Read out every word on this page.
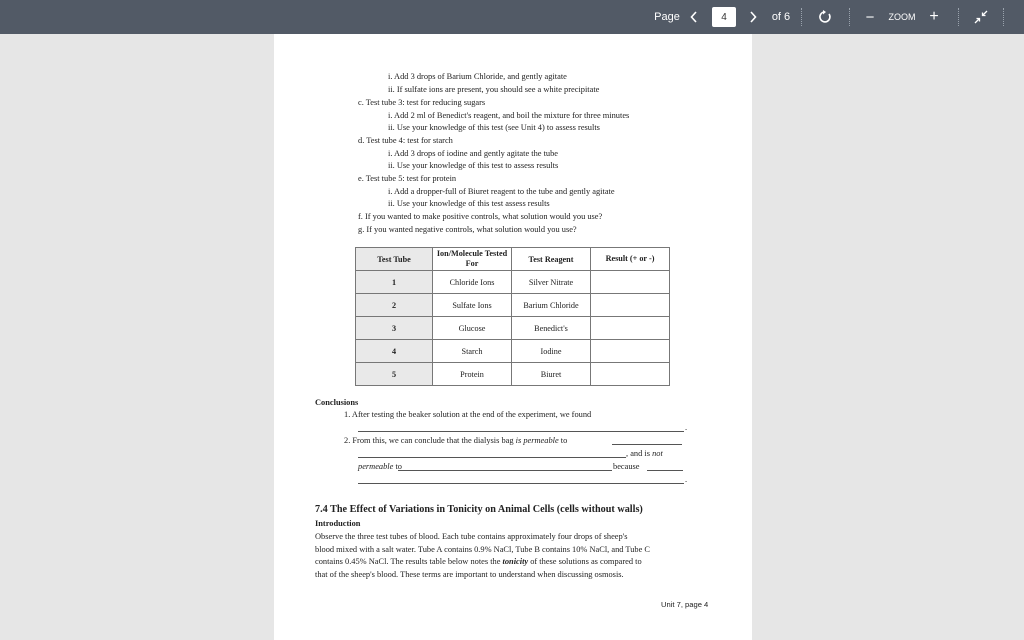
Page	4	of 6	−	ZOOM +
i. Add 3 drops of Barium Chloride, and gently agitate
ii. If sulfate ions are present, you should see a white precipitate
c. Test tube 3: test for reducing sugars
i. Add 2 ml of Benedict's reagent, and boil the mixture for three minutes
ii. Use your knowledge of this test (see Unit 4) to assess results
d. Test tube 4: test for starch
i. Add 3 drops of iodine and gently agitate the tube
ii. Use your knowledge of this test to assess results
e. Test tube 5: test for protein
i. Add a dropper-full of Biuret reagent to the tube and gently agitate
ii. Use your knowledge of this test assess results
f. If you wanted to make positive controls, what solution would you use?
g. If you wanted negative controls, what solution would you use?
Test Tube	Ion/Molecule Tested For	Test Reagent	Result (+ or -)
1	Chloride Ions	Silver Nitrate	
2	Sulfate Ions	Barium Chloride	
3	Glucose	Benedict's	
4	Starch	Iodine	
5	Protein	Biuret	
Conclusions
1. After testing the beaker solution at the end of the experiment, we found
.
2. From this, we can conclude that the dialysis bag is permeable to
, and is not
permeable to	because
.
7.4 The Effect of Variations in Tonicity on Animal Cells (cells without walls)
Introduction
Observe the three test tubes of blood. Each tube contains approximately four drops of sheep's
blood mixed with a salt water. Tube A contains 0.9% NaCl, Tube B contains 10% NaCl, and Tube C
contains 0.45% NaCl. The results table below notes the tonicity of these solutions as compared to
that of the sheep's blood. These terms are important to understand when discussing osmosis.
Unit 7, page 4
